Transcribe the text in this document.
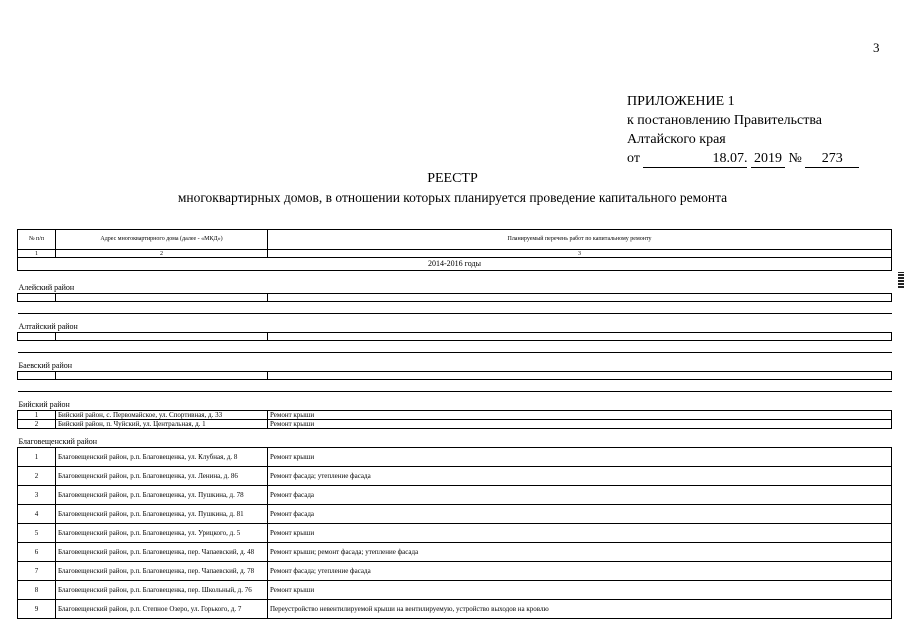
3
ПРИЛОЖЕНИЕ 1
к постановлению Правительства
Алтайского края
от	18.07. 2019 № 273
РЕЕСТР
многоквартирных домов, в отношении которых планируется проведение капитального ремонта
№ п/п	Адрес многоквартирного дома (далее - «МКД»)	Планируемый перечень работ по капитальному ремонту
1	2	3
2014-2016 годы		
Алейский район		

Алтайский район		

Баевский район		

Бийский район		
1	Бийский район, с. Первомайское, ул. Спортивная, д. 33	Ремонт крыши
2	Бийский район, п. Чуйский, ул. Центральная, д. 1	Ремонт крыши
Благовещенский район		
1	Благовещенский район, р.п. Благовещенка, ул. Клубная, д. 8	Ремонт крыши
2	Благовещенский район, р.п. Благовещенка, ул. Ленина, д. 86	Ремонт фасада; утепление фасада
3	Благовещенский район, р.п. Благовещенка, ул. Пушкина, д. 78	Ремонт фасада
4	Благовещенский район, р.п. Благовещенка, ул. Пушкина, д. 81	Ремонт фасада
5	Благовещенский район, р.п. Благовещенка, ул. Урицкого, д. 5	Ремонт крыши
6	Благовещенский район, р.п. Благовещенка, пер. Чапаевский, д. 48	Ремонт крыши; ремонт фасада; утепление фасада
7	Благовещенский район, р.п. Благовещенка, пер. Чапаевский, д. 78	Ремонт фасада; утепление фасада
8	Благовещенский район, р.п. Благовещенка, пер. Школьный, д. 76	Ремонт крыши
9	Благовещенский район, р.п. Степное Озеро, ул. Горького, д. 7	Переустройство невентилируемой крыши на вентилируемую, устройство выходов на кровлю
